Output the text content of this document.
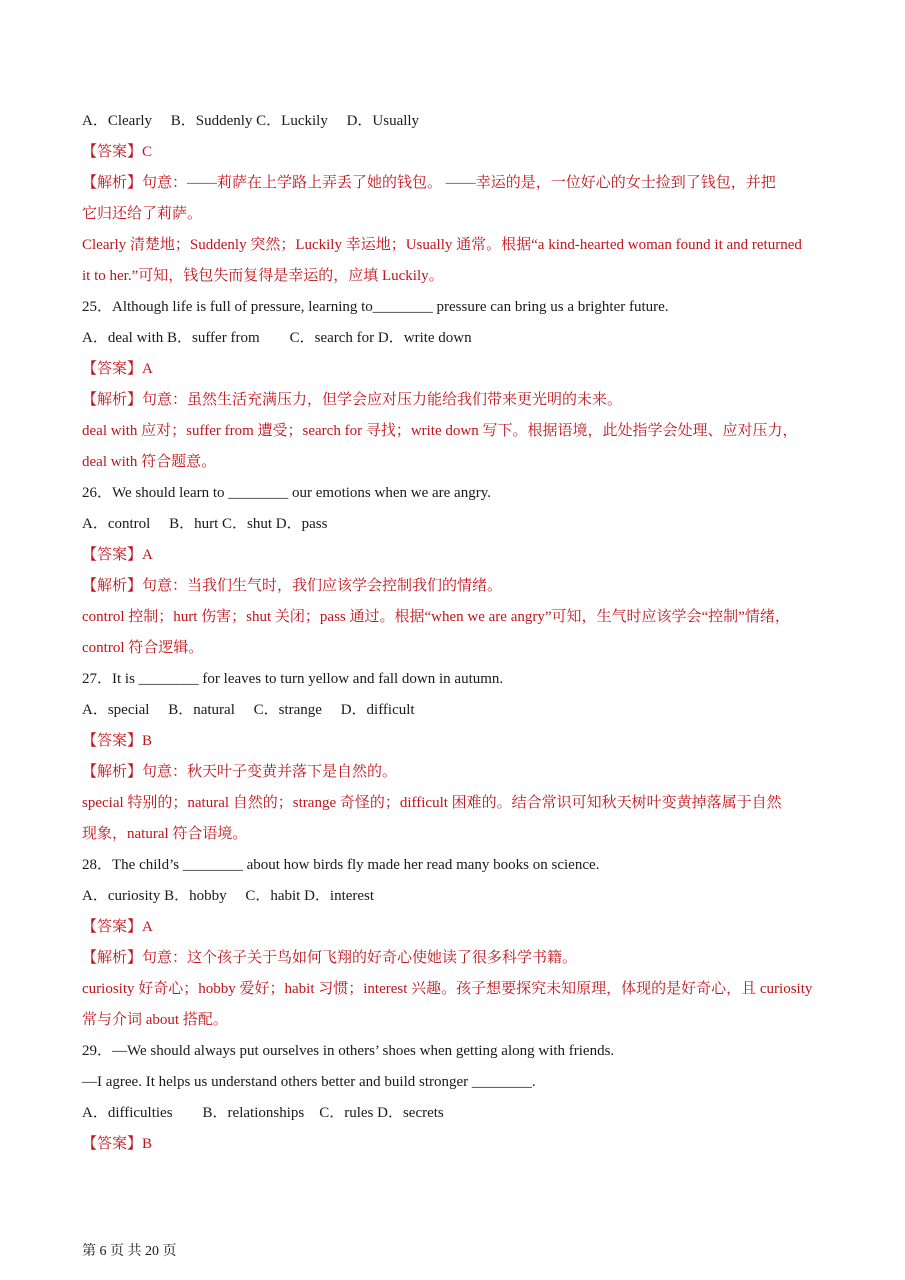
A．Clearly　 B．Suddenly C．Luckily　 D．Usually
【答案】C
【解析】句意：——莉萨在上学路上弄丢了她的钱包。 ——幸运的是，一位好心的女士捡到了钱包，并把
它归还给了莉萨。
Clearly 清楚地；Suddenly 突然；Luckily 幸运地；Usually 通常。根据“a kind-hearted woman found it and returned
it to her.”可知，钱包失而复得是幸运的，应填 Luckily。
25．Although life is full of pressure, learning to________ pressure can bring us a brighter future.
A．deal with B．suffer from　　C．search for D．write down
【答案】A
【解析】句意：虽然生活充满压力，但学会应对压力能给我们带来更光明的未来。
deal with 应对；suffer from 遭受；search for 寻找；write down 写下。根据语境，此处指学会处理、应对压力，
deal with 符合题意。
26．We should learn to ________ our emotions when we are angry.
A．control　 B．hurt C．shut D．pass
【答案】A
【解析】句意：当我们生气时，我们应该学会控制我们的情绪。
control 控制；hurt 伤害；shut 关闭；pass 通过。根据“when we are angry”可知，生气时应该学会“控制”情绪，
control 符合逻辑。
27．It is ________ for leaves to turn yellow and fall down in autumn.
A．special　 B．natural　 C．strange　 D．difficult
【答案】B
【解析】句意：秋天叶子变黄并落下是自然的。
special 特别的；natural 自然的；strange 奇怪的；difficult 困难的。结合常识可知秋天树叶变黄掉落属于自然
现象，natural 符合语境。
28．The child’s ________ about how birds fly made her read many books on science.
A．curiosity B．hobby　 C．habit D．interest
【答案】A
【解析】句意：这个孩子关于鸟如何飞翔的好奇心使她读了很多科学书籍。
curiosity 好奇心；hobby 爱好；habit 习惯；interest 兴趣。孩子想要探究未知原理，体现的是好奇心，且 curiosity
常与介词 about 搭配。
29．—We should always put ourselves in others’ shoes when getting along with friends.
—I agree. It helps us understand others better and build stronger ________.
A．difficulties　　B．relationships　C．rules D．secrets
【答案】B
第 6 页 共 20 页
